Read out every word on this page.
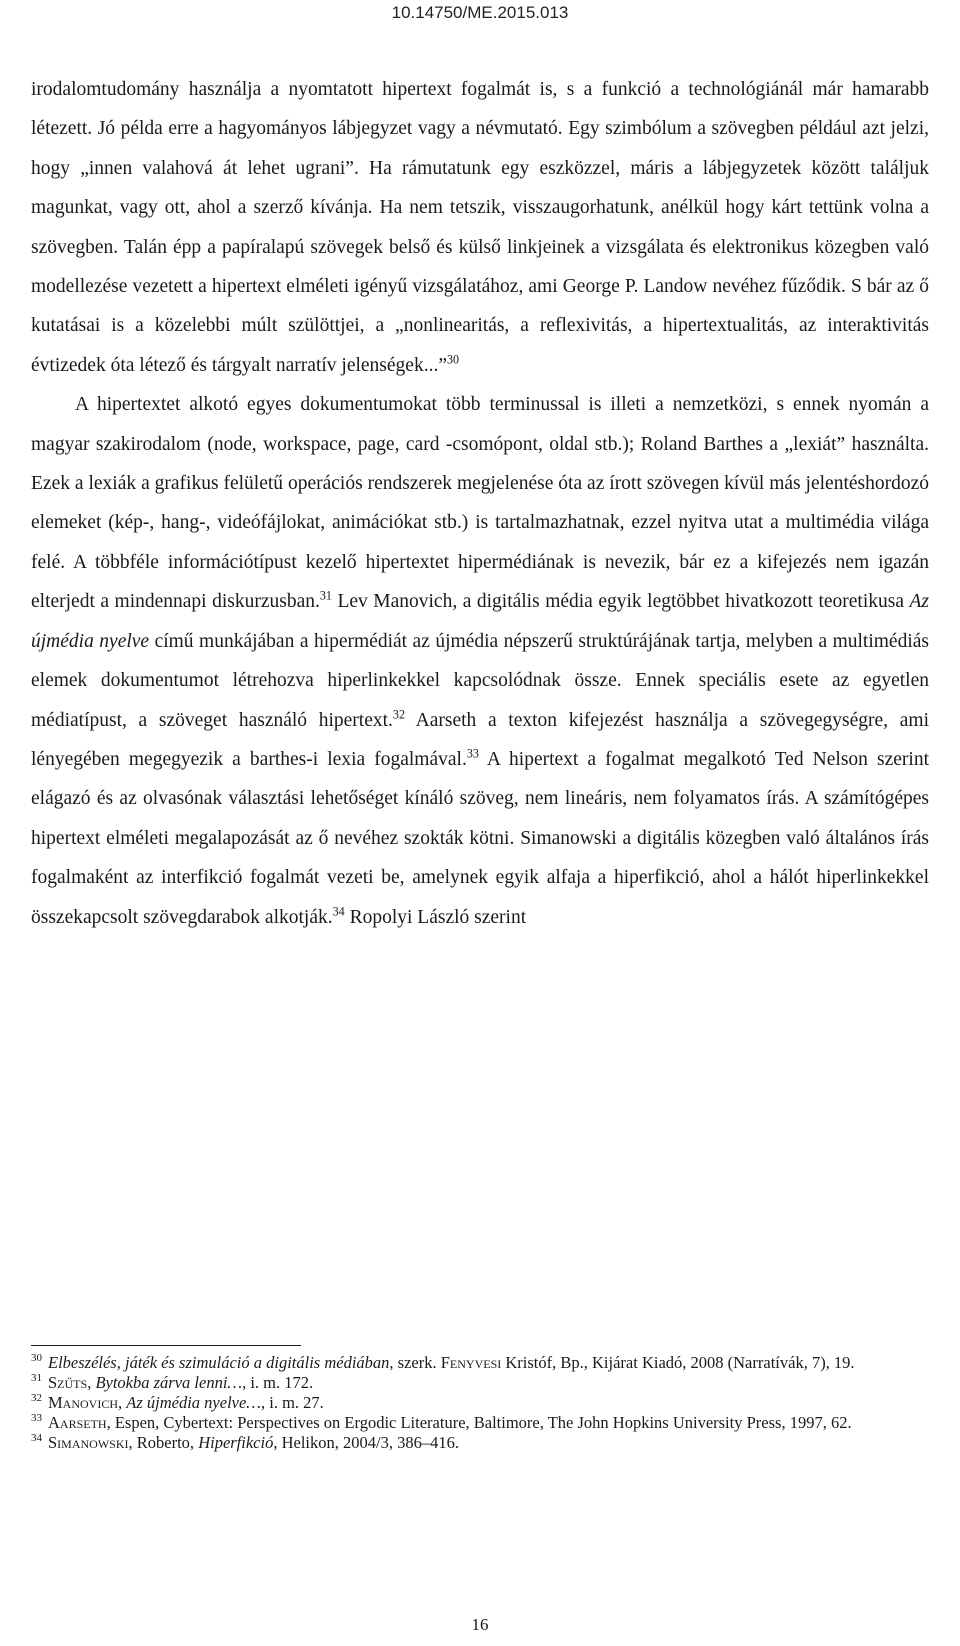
10.14750/ME.2015.013

irodalomtudomány használja a nyomtatott hipertext fogalmát is, s a funkció a technológiánál már hamarabb létezett. Jó példa erre a hagyományos lábjegyzet vagy a névmutató. Egy szimbólum a szövegben például azt jelzi, hogy „innen valahová át lehet ugrani”. Ha rámutatunk egy eszközzel, máris a lábjegyzetek között találjuk magunkat, vagy ott, ahol a szerző kívánja. Ha nem tetszik, visszaugorhatunk, anélkül hogy kárt tettünk volna a szövegben. Talán épp a papíralapú szövegek belső és külső linkjeinek a vizsgálata és elektronikus közegben való modellezése vezetett a hipertext elméleti igényű vizsgálatához, ami George P. Landow nevéhez fűződik. S bár az ő kutatásai is a közelebbi múlt szülöttjei, a „nonlinearitás, a reflexivitás, a hipertextualitás, az interaktivitás évtizedek óta létező és tárgyalt narratív jelenségek...”$^{30}$

A hipertextet alkotó egyes dokumentumokat több terminussal is illeti a nemzetközi, s ennek nyomán a magyar szakirodalom (node, workspace, page, card -csomópont, oldal stb.); Roland Barthes a „lexiát” használta. Ezek a lexiák a grafikus felületű operációs rendszerek megjelenése óta az írott szövegen kívül más jelentéshordozó elemeket (kép-, hang-, videófájlokat, animációkat stb.) is tartalmazhatnak, ezzel nyitva utat a multimédia világa felé. A többféle információtípust kezelő hipertextet hipermédiának is nevezik, bár ez a kifejezés nem igazán elterjedt a mindennapi diskurzusban.$^{31}$ Lev Manovich, a digitális média egyik legtöbbet hivatkozott teoretikusa Az újmédia nyelve című munkájában a hipermédiát az újmédia népszerű struktúrájának tartja, melyben a multimédiás elemek dokumentumot létrehozva hiperlinkekkel kapcsolódnak össze. Ennek speciális esete az egyetlen médiatípust, a szöveget használó hipertext.$^{32}$ Aarseth a texton kifejezést használja a szövegegységre, ami lényegében megegyezik a barthes-i lexia fogalmával.$^{33}$ A hipertext a fogalmat megalkotó Ted Nelson szerint elágazó és az olvasónak választási lehetőséget kínáló szöveg, nem lineáris, nem folyamatos írás. A számítógépes hipertext elméleti megalapozását az ő nevéhez szokták kötni. Simanowski a digitális közegben való általános írás fogalmaként az interfikció fogalmát vezeti be, amelynek egyik alfaja a hiperfikció, ahol a hálót hiperlinkekkel összekapcsolt szövegdarabok alkotják.$^{34}$ Ropolyi László szerint

30 Elbeszélés, játék és szimuláció a digitális médiában, szerk. Fenyvesi Kristóf, Bp., Kijárat Kiadó, 2008 (Narratívák, 7), 19.
31 Szűts, Bytokba zárva lenni…, i. m. 172.
32 Manovich, Az újmédia nyelve…, i. m. 27.
33 Aarseth, Espen, Cybertext: Perspectives on Ergodic Literature, Baltimore, The John Hopkins University Press, 1997, 62.
34 Simanowski, Roberto, Hiperfikció, Helikon, 2004/3, 386–416.
16
